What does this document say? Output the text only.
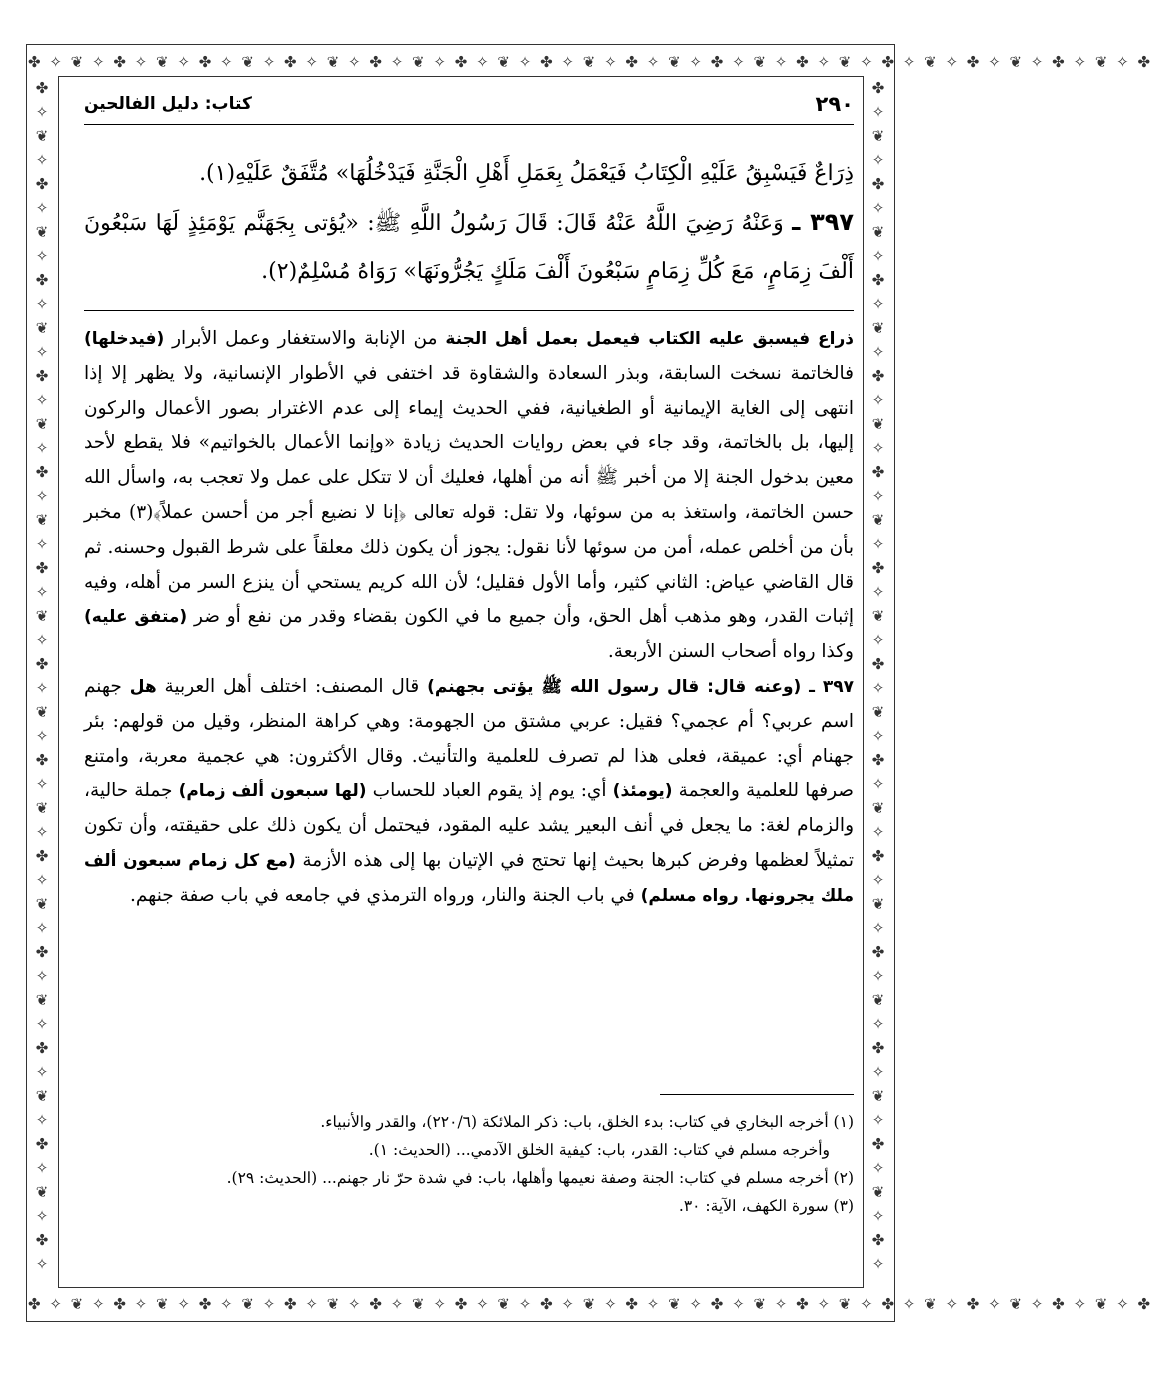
✤ ✧ ❦ ✧ ✤ ✧ ❦ ✧ ✤ ✧ ❦ ✧ ✤ ✧ ❦ ✧ ✤ ✧ ❦ ✧ ✤ ✧ ❦ ✧ ✤ ✧ ❦ ✧ ✤ ✧ ❦ ✧ ✤ ✧ ❦ ✧ ✤ ✧ ❦ ✧ ✤ ✧ ❦ ✧ ✤ ✧ ❦ ✧ ✤ ✧ ❦ ✧ ✤
✤ ✧ ❦ ✧ ✤ ✧ ❦ ✧ ✤ ✧ ❦ ✧ ✤ ✧ ❦ ✧ ✤ ✧ ❦ ✧ ✤ ✧ ❦ ✧ ✤ ✧ ❦ ✧ ✤ ✧ ❦ ✧ ✤ ✧ ❦ ✧ ✤ ✧ ❦ ✧ ✤ ✧ ❦ ✧ ✤ ✧ ❦ ✧ ✤ ✧ ❦ ✧ ✤
✤
✧
❦
✧
✤
✧
❦
✧
✤
✧
❦
✧
✤
✧
❦
✧
✤
✧
❦
✧
✤
✧
❦
✧
✤
✧
❦
✧
✤
✧
❦
✧
✤
✧
❦
✧
✤
✧
❦
✧
✤
✧
❦
✧
✤
✧
❦
✧
✤
✧
✤
✧
❦
✧
✤
✧
❦
✧
✤
✧
❦
✧
✤
✧
❦
✧
✤
✧
❦
✧
✤
✧
❦
✧
✤
✧
❦
✧
✤
✧
❦
✧
✤
✧
❦
✧
✤
✧
❦
✧
✤
✧
❦
✧
✤
✧
❦
✧
✤
✧
٢٩٠
كتاب: دليل الفالحين

ذِرَاعٌ فَيَسْبِقُ عَلَيْهِ الْكِتَابُ فَيَعْمَلُ بِعَمَلِ أَهْلِ الْجَنَّةِ فَيَدْخُلُهَا» مُتَّفَقٌ عَلَيْهِ(١).

٣٩٧ ـ وَعَنْهُ رَضِيَ اللَّهُ عَنْهُ قَالَ: قَالَ رَسُولُ اللَّهِ ﷺ: «يُؤتى بِجَهَنَّم يَوْمَئِذٍ لَهَا سَبْعُونَ أَلْفَ زِمَامٍ، مَعَ كُلِّ زِمَامٍ سَبْعُونَ أَلْفَ مَلَكٍ يَجُرُّونَهَا» رَوَاهُ مُسْلِمٌ(٢).

ذراع فيسبق عليه الكتاب فيعمل بعمل أهل الجنة من الإنابة والاستغفار وعمل الأبرار (فيدخلها) فالخاتمة نسخت السابقة، وبذر السعادة والشقاوة قد اختفى في الأطوار الإنسانية، ولا يظهر إلا إذا انتهى إلى الغاية الإيمانية أو الطغيانية، ففي الحديث إيماء إلى عدم الاغترار بصور الأعمال والركون إليها، بل بالخاتمة، وقد جاء في بعض روايات الحديث زيادة «وإنما الأعمال بالخواتيم» فلا يقطع لأحد معين بدخول الجنة إلا من أخبر ﷺ أنه من أهلها، فعليك أن لا تتكل على عمل ولا تعجب به، واسأل الله حسن الخاتمة، واستغذ به من سوئها، ولا تقل: قوله تعالى ﴿إنا لا نضيع أجر من أحسن عملاً﴾(٣) مخبر بأن من أخلص عمله، أمن من سوئها لأنا نقول: يجوز أن يكون ذلك معلقاً على شرط القبول وحسنه. ثم قال القاضي عياض: الثاني كثير، وأما الأول فقليل؛ لأن الله كريم يستحي أن ينزع السر من أهله، وفيه إثبات القدر، وهو مذهب أهل الحق، وأن جميع ما في الكون بقضاء وقدر من نفع أو ضر (متفق عليه) وكذا رواه أصحاب السنن الأربعة.

٣٩٧ ـ (وعنه قال: قال رسول الله ﷺ يؤتى بجهنم) قال المصنف: اختلف أهل العربية هل جهنم اسم عربي؟ أم عجمي؟ فقيل: عربي مشتق من الجهومة: وهي كراهة المنظر، وقيل من قولهم: بئر جهنام أي: عميقة، فعلى هذا لم تصرف للعلمية والتأنيث. وقال الأكثرون: هي عجمية معربة، وامتنع صرفها للعلمية والعجمة (يومئذ) أي: يوم إذ يقوم العباد للحساب (لها سبعون ألف زمام) جملة حالية، والزمام لغة: ما يجعل في أنف البعير يشد عليه المقود، فيحتمل أن يكون ذلك على حقيقته، وأن تكون تمثيلاً لعظمها وفرض كبرها بحيث إنها تحتج في الإتيان بها إلى هذه الأزمة (مع كل زمام سبعون ألف ملك يجرونها. رواه مسلم) في باب الجنة والنار، ورواه الترمذي في جامعه في باب صفة جنهم.

(١) أخرجه البخاري في كتاب: بدء الخلق، باب: ذكر الملائكة (٢٢٠/٦)، والقدر والأنبياء.

وأخرجه مسلم في كتاب: القدر، باب: كيفية الخلق الآدمي... (الحديث: ١).

(٢) أخرجه مسلم في كتاب: الجنة وصفة نعيمها وأهلها، باب: في شدة حرّ نار جهنم... (الحديث: ٢٩).

(٣) سورة الكهف، الآية: ٣٠.
